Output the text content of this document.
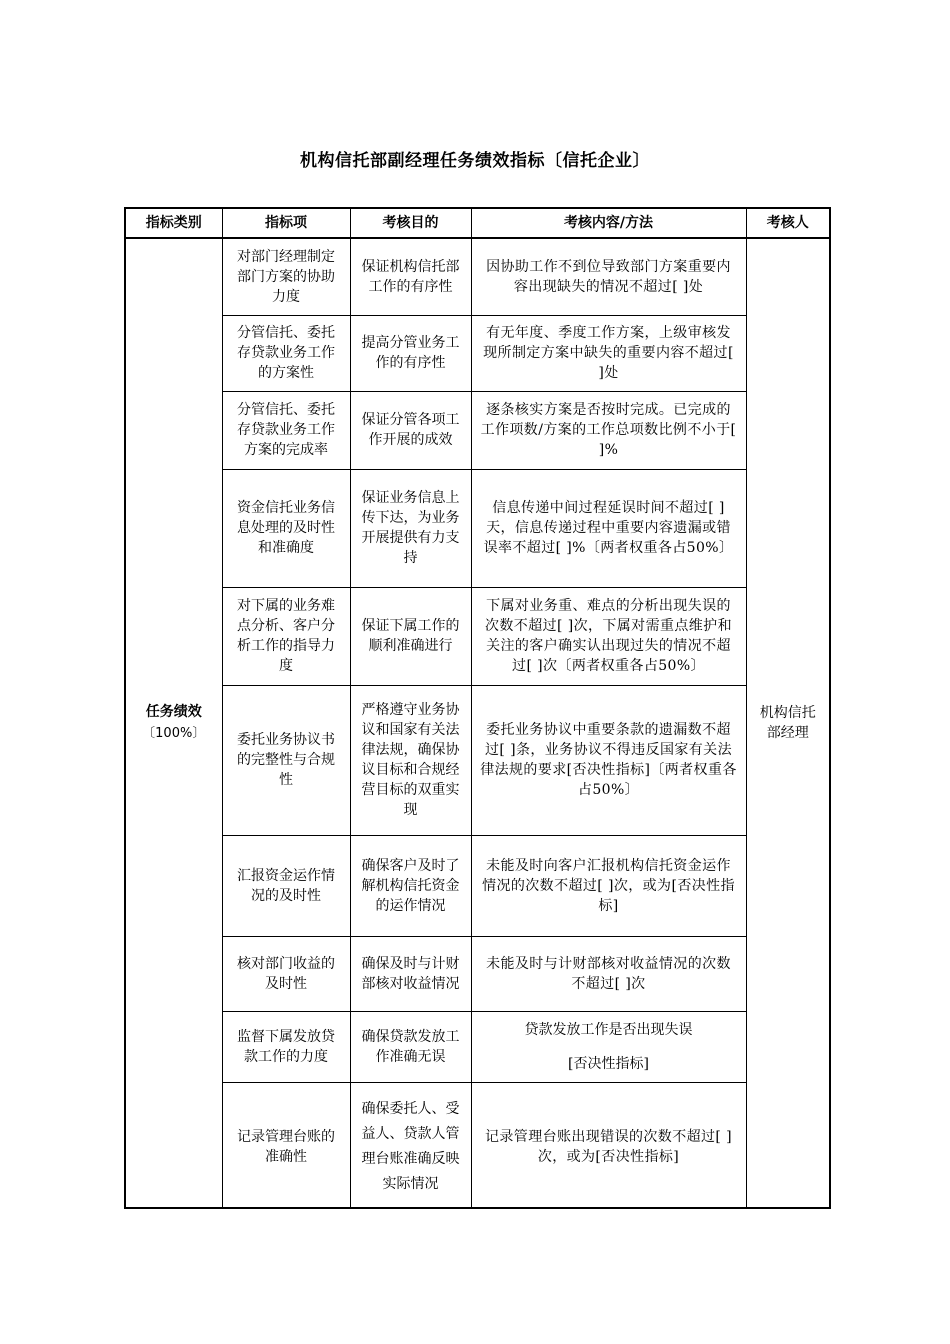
机构信托部副经理任务绩效指标〔信托企业〕
指标类别	指标项	考核目的	考核内容/方法	考核人

任务绩效
〔100%〕	对部门经理制定部门方案的协助力度	保证机构信托部工作的有序性	因协助工作不到位导致部门方案重要内容出现缺失的情况不超过[ ]处	机构信托部经理
	分管信托、委托存贷款业务工作的方案性	提高分管业务工作的有序性	有无年度、季度工作方案，上级审核发现所制定方案中缺失的重要内容不超过[ ]处	
	分管信托、委托存贷款业务工作方案的完成率	保证分管各项工作开展的成效	逐条核实方案是否按时完成。已完成的工作项数/方案的工作总项数比例不小于[ ]%	
	资金信托业务信息处理的及时性和准确度	保证业务信息上传下达，为业务开展提供有力支持	信息传递中间过程延误时间不超过[ ]天，信息传递过程中重要内容遗漏或错误率不超过[ ]%〔两者权重各占50%〕	
	对下属的业务难点分析、客户分析工作的指导力度	保证下属工作的顺利准确进行	下属对业务重、难点的分析出现失误的次数不超过[ ]次，下属对需重点维护和关注的客户确实认出现过失的情况不超过[ ]次〔两者权重各占50%〕	
	委托业务协议书的完整性与合规性	严格遵守业务协议和国家有关法律法规，确保协议目标和合规经营目标的双重实现	委托业务协议中重要条款的遗漏数不超过[ ]条，业务协议不得违反国家有关法律法规的要求[否决性指标]〔两者权重各占50%〕	
	汇报资金运作情况的及时性	确保客户及时了解机构信托资金的运作情况	未能及时向客户汇报机构信托资金运作情况的次数不超过[ ]次，或为[否决性指标]	
	核对部门收益的及时性	确保及时与计财部核对收益情况	未能及时与计财部核对收益情况的次数不超过[ ]次	
	监督下属发放贷款工作的力度	确保贷款发放工作准确无误	贷款发放工作是否出现失误
[否决性指标]	

	记录管理台账的准确性	确保委托人、受益人、贷款人管理台账准确反映实际情况	记录管理台账出现错误的次数不超过[ ]次，或为[否决性指标]	
